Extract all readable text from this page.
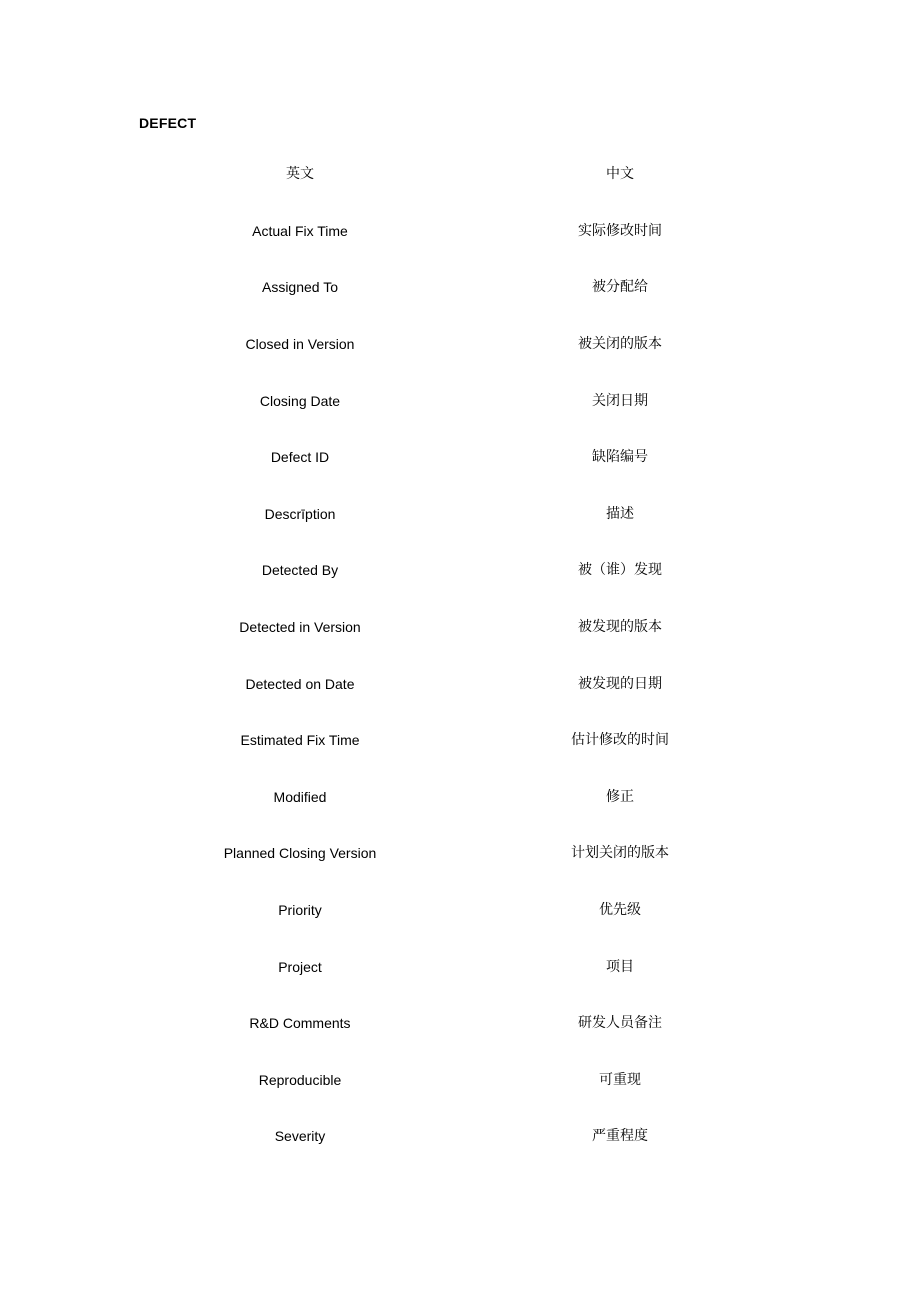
DEFECT
英文	中文
Actual Fix Time	实际修改时间
Assigned To	被分配给
Closed in Version	被关闭的版本
Closing Date	关闭日期
Defect ID	缺陷编号
Descrīption	描述
Detected By	被（谁）发现
Detected in Version	被发现的版本
Detected on Date	被发现的日期
Estimated Fix Time	估计修改的时间
Modified	修正
Planned Closing Version	计划关闭的版本
Priority	优先级
Project	项目
R&D Comments	研发人员备注
Reproducible	可重现
Severity	严重程度
